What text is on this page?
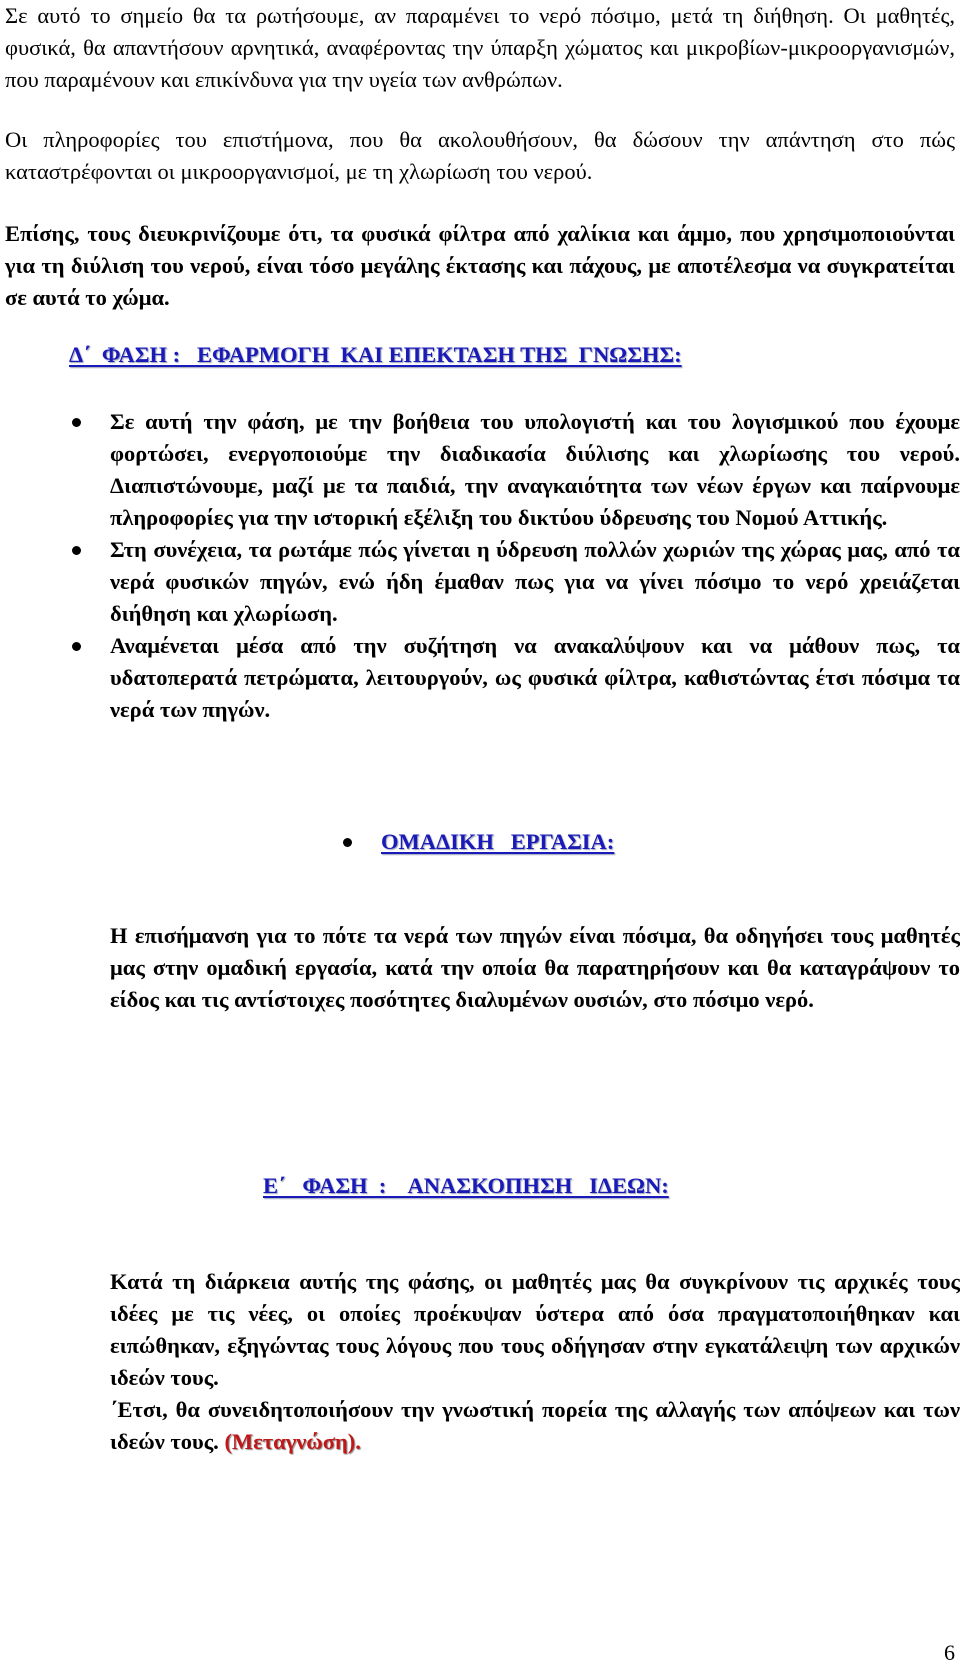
Σε αυτό το σημείο θα τα ρωτήσουμε, αν παραμένει το νερό πόσιμο, μετά τη διήθηση. Οι μαθητές, φυσικά, θα απαντήσουν αρνητικά, αναφέροντας την ύπαρξη χώματος και μικροβίων-μικροοργανισμών, που παραμένουν και επικίνδυνα για την υγεία των ανθρώπων.

Οι πληροφορίες του επιστήμονα, που θα ακολουθήσουν, θα δώσουν την απάντηση στο πώς καταστρέφονται οι μικροοργανισμοί, με τη χλωρίωση του νερού.

Επίσης, τους διευκρινίζουμε ότι, τα φυσικά φίλτρα από χαλίκια και άμμο, που χρησιμοποιούνται για τη διύλιση του νερού, είναι τόσο μεγάλης έκτασης και πάχους, με αποτέλεσμα να συγκρατείται σε αυτά το χώμα.

Δ΄  ΦΑΣΗ :   ΕΦΑΡΜΟΓΗ  ΚΑΙ ΕΠΕΚΤΑΣΗ ΤΗΣ  ΓΝΩΣΗΣ:
Σε αυτή την φάση, με την βοήθεια του υπολογιστή και του λογισμικού που έχουμε φορτώσει, ενεργοποιούμε την διαδικασία διύλισης και χλωρίωσης του νερού. Διαπιστώνουμε, μαζί με τα παιδιά, την αναγκαιότητα των νέων έργων και παίρνουμε πληροφορίες για την ιστορική εξέλιξη του δικτύου ύδρευσης του Νομού Αττικής.
Στη συνέχεια, τα ρωτάμε πώς γίνεται η ύδρευση πολλών χωριών της χώρας μας, από τα νερά φυσικών πηγών, ενώ ήδη έμαθαν πως για να γίνει πόσιμο το νερό χρειάζεται διήθηση και χλωρίωση.
Αναμένεται μέσα από την συζήτηση να ανακαλύψουν και να μάθουν πως, τα υδατοπερατά πετρώματα, λειτουργούν, ως φυσικά φίλτρα, καθιστώντας έτσι πόσιμα τα νερά των πηγών.
ΟΜΑΔΙΚΗ   ΕΡΓΑΣΙΑ:

Η επισήμανση για το πότε τα νερά των πηγών είναι πόσιμα, θα οδηγήσει τους μαθητές μας στην ομαδική εργασία, κατά την οποία θα παρατηρήσουν και θα καταγράψουν το είδος και τις αντίστοιχες ποσότητες διαλυμένων ουσιών, στο πόσιμο νερό.

Ε΄   ΦΑΣΗ  :    ΑΝΑΣΚΟΠΗΣΗ   ΙΔΕΩΝ:

Κατά τη διάρκεια αυτής της φάσης, οι μαθητές μας θα συγκρίνουν τις αρχικές τους ιδέες με τις νέες, οι οποίες προέκυψαν ύστερα από όσα πραγματοποιήθηκαν και ειπώθηκαν, εξηγώντας τους λόγους που τους οδήγησαν στην εγκατάλειψη των αρχικών ιδεών τους.

΄Ετσι, θα συνειδητοποιήσουν την γνωστική πορεία της αλλαγής των απόψεων και των ιδεών τους. (Μεταγνώση).

6
